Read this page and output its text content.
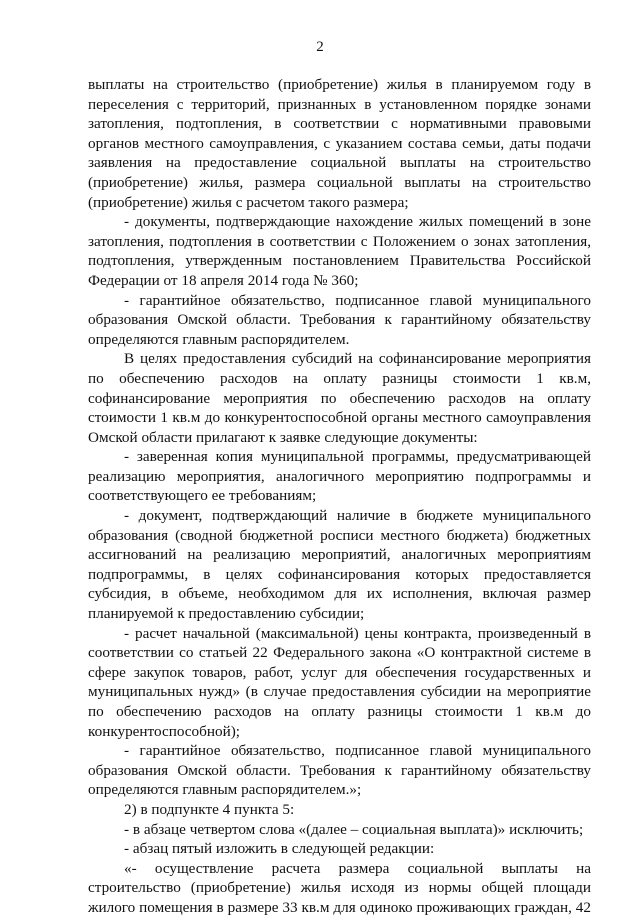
2
выплаты на строительство (приобретение) жилья в планируемом году в
переселения с территорий, признанных в установленном порядке зонами
затопления, подтопления, в соответствии с нормативными правовыми
органов местного самоуправления, с указанием состава семьи, даты подачи
заявления на предоставление социальной выплаты на строительство
(приобретение) жилья, размера социальной выплаты на строительство
(приобретение) жилья с расчетом такого размера;
- документы, подтверждающие нахождение жилых помещений в зоне
затопления, подтопления в соответствии с Положением о зонах затопления,
подтопления, утвержденным постановлением Правительства Российской
Федерации от 18 апреля 2014 года № 360;
- гарантийное обязательство, подписанное главой муниципального
образования Омской области. Требования к гарантийному обязательству
определяются главным распорядителем.
В целях предоставления субсидий на софинансирование мероприятия
по обеспечению расходов на оплату разницы стоимости 1 кв.м,
софинансирование мероприятия по обеспечению расходов на оплату
стоимости 1 кв.м до конкурентоспособной органы местного самоуправления
Омской области прилагают к заявке следующие документы:
- заверенная копия муниципальной программы, предусматривающей
реализацию мероприятия, аналогичного мероприятию подпрограммы и
соответствующего ее требованиям;
- документ, подтверждающий наличие в бюджете муниципального
образования (сводной бюджетной росписи местного бюджета) бюджетных
ассигнований на реализацию мероприятий, аналогичных мероприятиям
подпрограммы, в целях софинансирования которых предоставляется
субсидия, в объеме, необходимом для их исполнения, включая размер
планируемой к предоставлению субсидии;
- расчет начальной (максимальной) цены контракта, произведенный в
соответствии со статьей 22 Федерального закона «О контрактной системе в
сфере закупок товаров, работ, услуг для обеспечения государственных и
муниципальных нужд» (в случае предоставления субсидии на мероприятие
по обеспечению расходов на оплату разницы стоимости 1 кв.м до
конкурентоспособной);
- гарантийное обязательство, подписанное главой муниципального
образования Омской области. Требования к гарантийному обязательству
определяются главным распорядителем.»;
2) в подпункте 4 пункта 5:
- в абзаце четвертом слова «(далее – социальная выплата)» исключить;
- абзац пятый изложить в следующей редакции:
«- осуществление расчета размера социальной выплаты на
строительство (приобретение) жилья исходя из нормы общей площади
жилого помещения в размере 33 кв.м для одиноко проживающих граждан, 42
